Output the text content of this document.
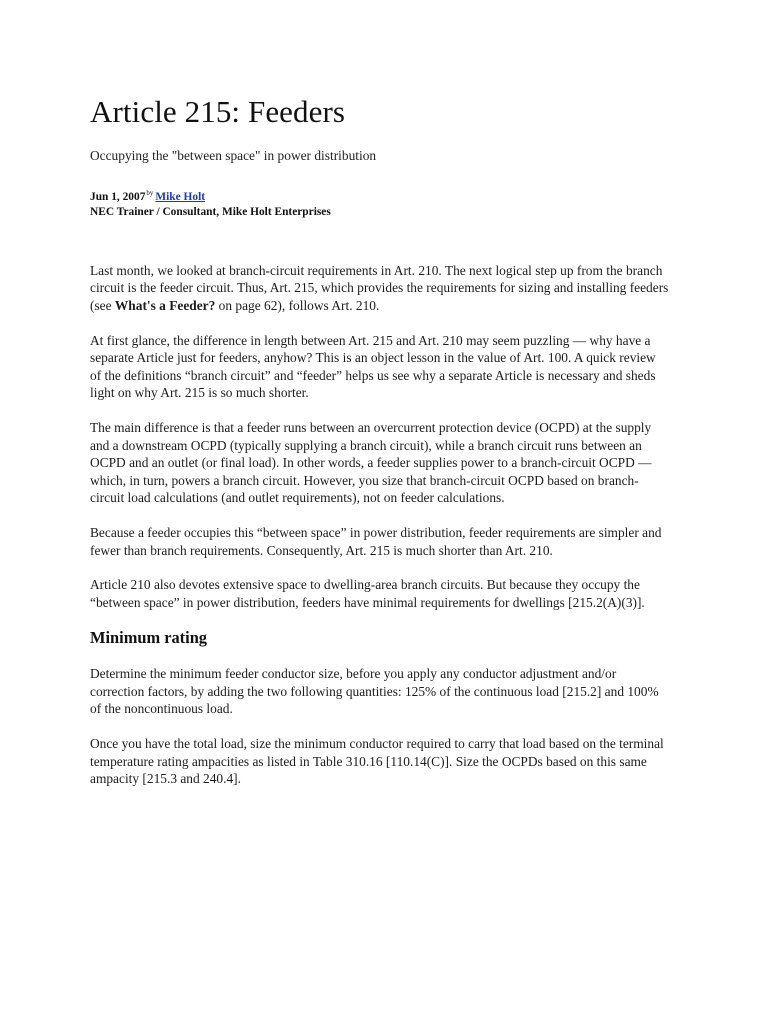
Article 215: Feeders
Occupying the "between space" in power distribution
Jun 1, $2007^{by}$ Mike Holt
NEC Trainer / Consultant, Mike Holt Enterprises

Last month, we looked at branch-circuit requirements in Art. 210. The next logical step up from the branch circuit is the feeder circuit. Thus, Art. 215, which provides the requirements for sizing and installing feeders (see What's a Feeder? on page 62), follows Art. 210.

At first glance, the difference in length between Art. 215 and Art. 210 may seem puzzling — why have a separate Article just for feeders, anyhow? This is an object lesson in the value of Art. 100. A quick review of the definitions “branch circuit” and “feeder” helps us see why a separate Article is necessary and sheds light on why Art. 215 is so much shorter.

The main difference is that a feeder runs between an overcurrent protection device (OCPD) at the supply and a downstream OCPD (typically supplying a branch circuit), while a branch circuit runs between an OCPD and an outlet (or final load). In other words, a feeder supplies power to a branch-circuit OCPD — which, in turn, powers a branch circuit. However, you size that branch-circuit OCPD based on branch-circuit load calculations (and outlet requirements), not on feeder calculations.

Because a feeder occupies this “between space” in power distribution, feeder requirements are simpler and fewer than branch requirements. Consequently, Art. 215 is much shorter than Art. 210.

Article 210 also devotes extensive space to dwelling-area branch circuits. But because they occupy the “between space” in power distribution, feeders have minimal requirements for dwellings [215.2(A)(3)].

Minimum rating

Determine the minimum feeder conductor size, before you apply any conductor adjustment and/or correction factors, by adding the two following quantities: 125% of the continuous load [215.2] and 100% of the noncontinuous load.

Once you have the total load, size the minimum conductor required to carry that load based on the terminal temperature rating ampacities as listed in Table 310.16 [110.14(C)]. Size the OCPDs based on this same ampacity [215.3 and 240.4].
